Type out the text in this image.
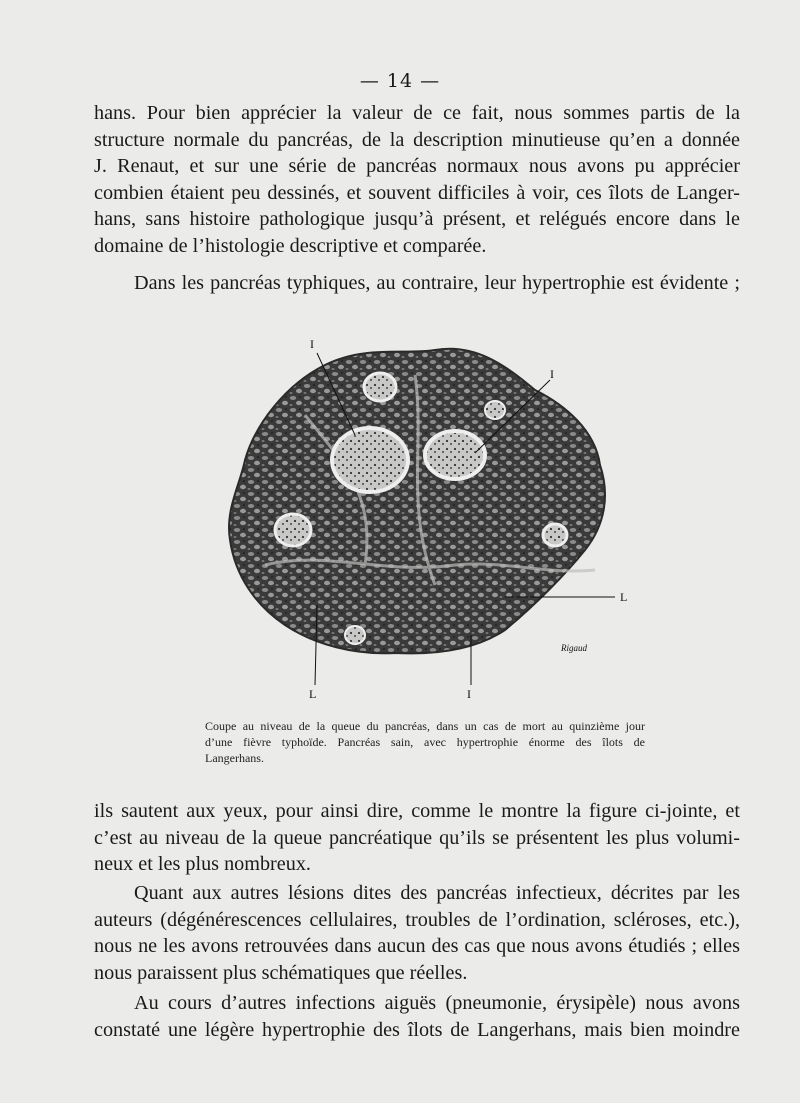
— 14 —
hans. Pour bien apprécier la valeur de ce fait, nous sommes partis de la
structure normale du pancréas, de la description minutieuse qu’en a donnée
J. Renaut, et sur une série de pancréas normaux nous avons pu apprécier
combien étaient peu dessinés, et souvent difficiles à voir, ces îlots de Langer-
hans, sans histoire pathologique jusqu’à présent, et relégués encore dans le
domaine de l’histologie descriptive et comparée.
Dans les pancréas typhiques, au contraire, leur hypertrophie est évidente ;
I
I
L
L	I
Rigaud
Coupe au niveau de la queue du pancréas, dans un cas de mort au quinzième jour
d’une fièvre typhoïde. Pancréas sain, avec hypertrophie énorme des îlots de
Langerhans.
ils sautent aux yeux, pour ainsi dire, comme le montre la figure ci-jointe, et
c’est au niveau de la queue pancréatique qu’ils se présentent les plus volumi-
neux et les plus nombreux.
Quant aux autres lésions dites des pancréas infectieux, décrites par les
auteurs (dégénérescences cellulaires, troubles de l’ordination, scléroses, etc.),
nous ne les avons retrouvées dans aucun des cas que nous avons étudiés ; elles
nous paraissent plus schématiques que réelles.
Au cours d’autres infections aiguës (pneumonie, érysipèle) nous avons
constaté une légère hypertrophie des îlots de Langerhans, mais bien moindre
